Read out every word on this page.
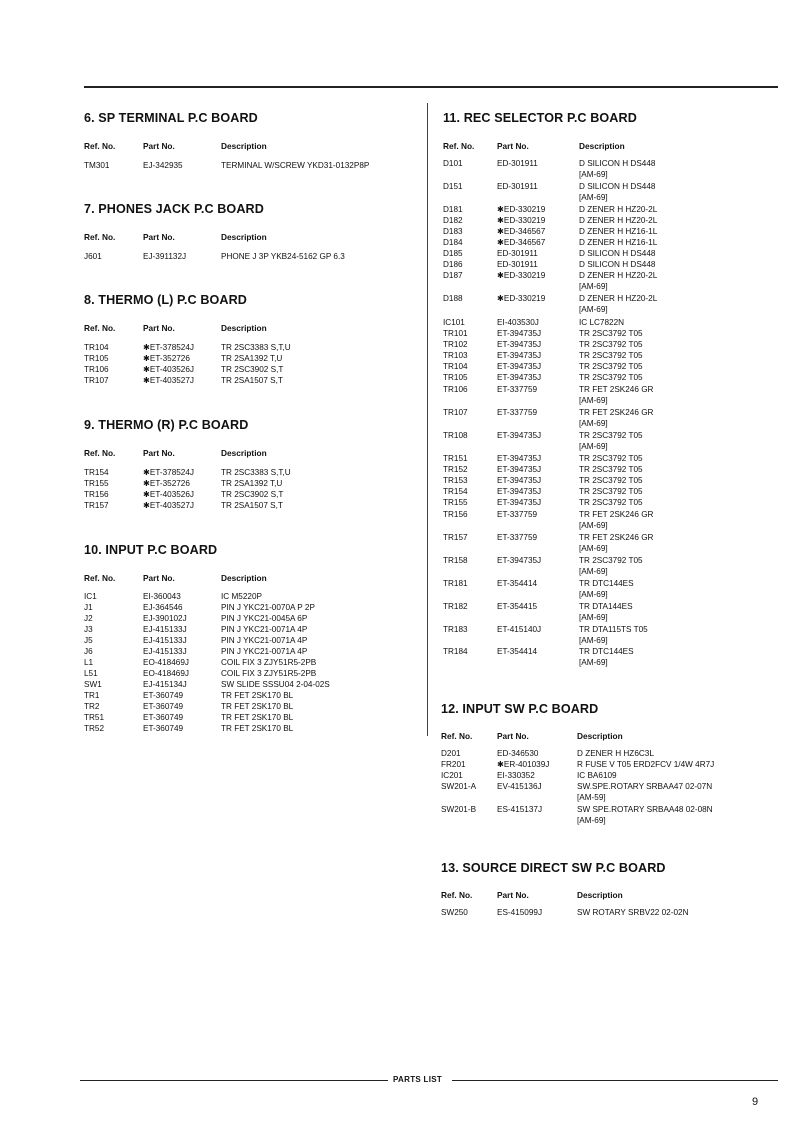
6. SP TERMINAL P.C BOARD
Ref. No.	Part No.	Description
TM301	EJ-342935	TERMINAL W/SCREW YKD31-0132P8P
7. PHONES JACK P.C BOARD
Ref. No.	Part No.	Description
J601	EJ-391132J	PHONE J 3P YKB24-5162 GP 6.3
8. THERMO (L) P.C BOARD
Ref. No.	Part No.	Description
TR104	✱ET-378524J	TR 2SC3383 S,T,U
TR105	✱ET-352726	TR 2SA1392 T,U
TR106	✱ET-403526J	TR 2SC3902 S,T
TR107	✱ET-403527J	TR 2SA1507 S,T
9. THERMO (R) P.C BOARD
Ref. No.	Part No.	Description
TR154	✱ET-378524J	TR 2SC3383 S,T,U
TR155	✱ET-352726	TR 2SA1392 T,U
TR156	✱ET-403526J	TR 2SC3902 S,T
TR157	✱ET-403527J	TR 2SA1507 S,T
10. INPUT P.C BOARD
Ref. No.	Part No.	Description
IC1	EI-360043	IC M5220P
J1	EJ-364546	PIN J YKC21-0070A P 2P
J2	EJ-390102J	PIN J YKC21-0045A 6P
J3	EJ-415133J	PIN J YKC21-0071A 4P
J5	EJ-415133J	PIN J YKC21-0071A 4P
J6	EJ-415133J	PIN J YKC21-0071A 4P
L1	EO-418469J	COIL FIX 3 ZJY51R5-2PB
L51	EO-418469J	COIL FIX 3 ZJY51R5-2PB
SW1	EJ-415134J	SW SLIDE SSSU04 2-04-02S
TR1	ET-360749	TR FET 2SK170 BL
TR2	ET-360749	TR FET 2SK170 BL
TR51	ET-360749	TR FET 2SK170 BL
TR52	ET-360749	TR FET 2SK170 BL
11. REC SELECTOR P.C BOARD
Ref. No.	Part No.	Description
D101	ED-301911	D SILICON H DS448
[AM-69]
D151	ED-301911	D SILICON H DS448
[AM-69]
D181	✱ED-330219	D ZENER H HZ20-2L
D182	✱ED-330219	D ZENER H HZ20-2L
D183	✱ED-346567	D ZENER H HZ16-1L
D184	✱ED-346567	D ZENER H HZ16-1L
D185	ED-301911	D SILICON H DS448
D186	ED-301911	D SILICON H DS448
D187	✱ED-330219	D ZENER H HZ20-2L
[AM-69]
D188	✱ED-330219	D ZENER H HZ20-2L
[AM-69]
IC101	EI-403530J	IC LC7822N
TR101	ET-394735J	TR 2SC3792 T05
TR102	ET-394735J	TR 2SC3792 T05
TR103	ET-394735J	TR 2SC3792 T05
TR104	ET-394735J	TR 2SC3792 T05
TR105	ET-394735J	TR 2SC3792 T05
TR106	ET-337759	TR FET 2SK246 GR
[AM-69]
TR107	ET-337759	TR FET 2SK246 GR
[AM-69]
TR108	ET-394735J	TR 2SC3792 T05
[AM-69]
TR151	ET-394735J	TR 2SC3792 T05
TR152	ET-394735J	TR 2SC3792 T05
TR153	ET-394735J	TR 2SC3792 T05
TR154	ET-394735J	TR 2SC3792 T05
TR155	ET-394735J	TR 2SC3792 T05
TR156	ET-337759	TR FET 2SK246 GR
[AM-69]
TR157	ET-337759	TR FET 2SK246 GR
[AM-69]
TR158	ET-394735J	TR 2SC3792 T05
[AM-69]
TR181	ET-354414	TR DTC144ES
[AM-69]
TR182	ET-354415	TR DTA144ES
[AM-69]
TR183	ET-415140J	TR DTA115TS T05
[AM-69]
TR184	ET-354414	TR DTC144ES
[AM-69]
12. INPUT SW P.C BOARD
Ref. No.	Part No.	Description
D201	ED-346530	D ZENER H HZ6C3L
FR201	✱ER-401039J	R FUSE V T05 ERD2FCV 1/4W 4R7J
IC201	EI-330352	IC BA6109
SW201-A	EV-415136J	SW.SPE.ROTARY SRBAA47 02-07N
[AM-59]
SW201-B	ES-415137J	SW SPE.ROTARY SRBAA48 02-08N
[AM-69]
13. SOURCE DIRECT SW P.C BOARD
Ref. No.	Part No.	Description
SW250	ES-415099J	SW ROTARY SRBV22 02-02N
PARTS LIST
9
